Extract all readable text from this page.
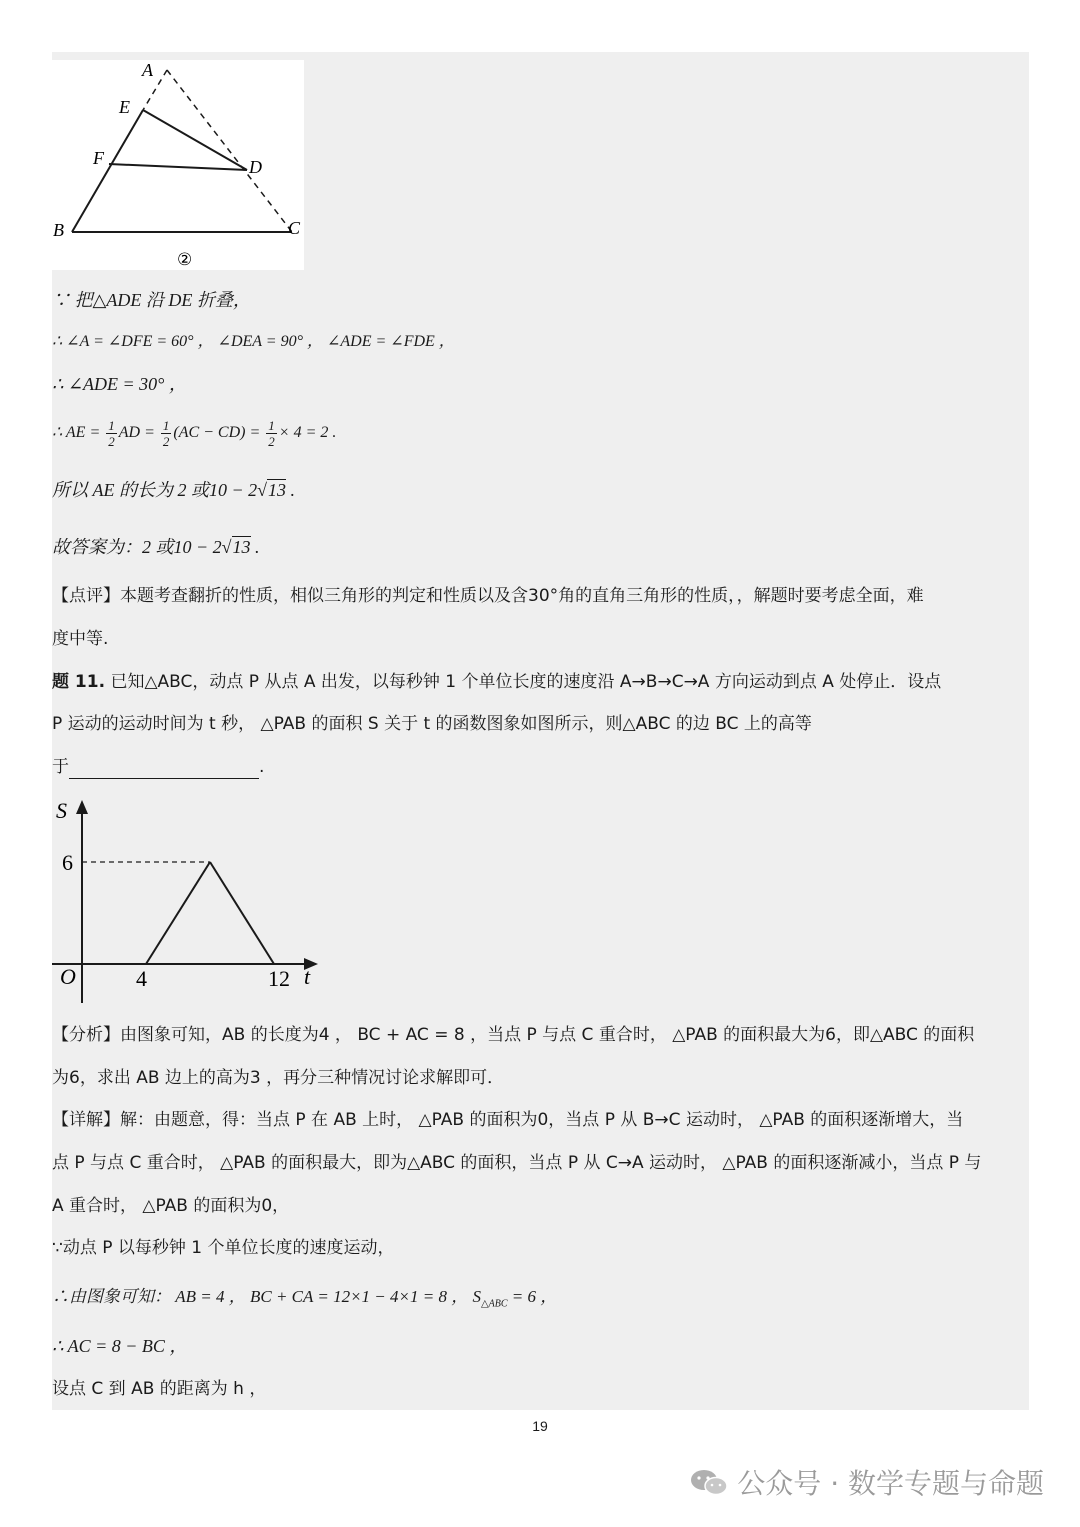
A
E
F	D
B	C
②
∵ 把△ADE 沿 DE 折叠，
∴ ∠A = ∠DFE = 60° ， ∠DEA = 90° ， ∠ADE = ∠FDE ，
∴ ∠ADE = 30° ，
∴ AE = $\frac{1}{2}$ AD = $\frac{1}{2} (AC - CD) = \frac{1}{2} \times 4 = 2$ .
所以 AE 的长为 2 或10 − 2√13 .
故答案为：2 或10 − 2√13 .
【点评】本题考查翻折的性质，相似三角形的判定和性质以及含30°角的直角三角形的性质，，解题时要考虑全面，难
度中等.
题 11. 已知△ABC，动点 P 从点 A 出发，以每秒钟 1 个单位长度的速度沿 A→B→C→A 方向运动到点 A 处停止．设点
P 运动的运动时间为 t 秒， △PAB 的面积 S 关于 t 的函数图象如图所示，则△ABC 的边 BC 上的高等
于	.
S
t
O
6
4	12
【分析】由图象可知，AB 的长度为4 ， BC + AC = 8 ，当点 P 与点 C 重合时， △PAB 的面积最大为6，即△ABC 的面积
为6，求出 AB 边上的高为3 ，再分三种情况讨论求解即可．
【详解】解：由题意，得：当点 P 在 AB 上时， △PAB 的面积为0，当点 P 从 B→C 运动时， △PAB 的面积逐渐增大，当
点 P 与点 C 重合时， △PAB 的面积最大，即为△ABC 的面积，当点 P 从 C→A 运动时， △PAB 的面积逐渐减小，当点 P 与
A 重合时， △PAB 的面积为0，
∵动点 P 以每秒钟 1 个单位长度的速度运动，
∴由图象可知： AB = 4 ， BC + CA = 12×1 − 4×1 = 8 ， $S_{\triangle ABC} = 6$ ，
∴ AC = 8 − BC ，
设点 C 到 AB 的距离为 h ，
19
公众号 · 数学专题与命题
